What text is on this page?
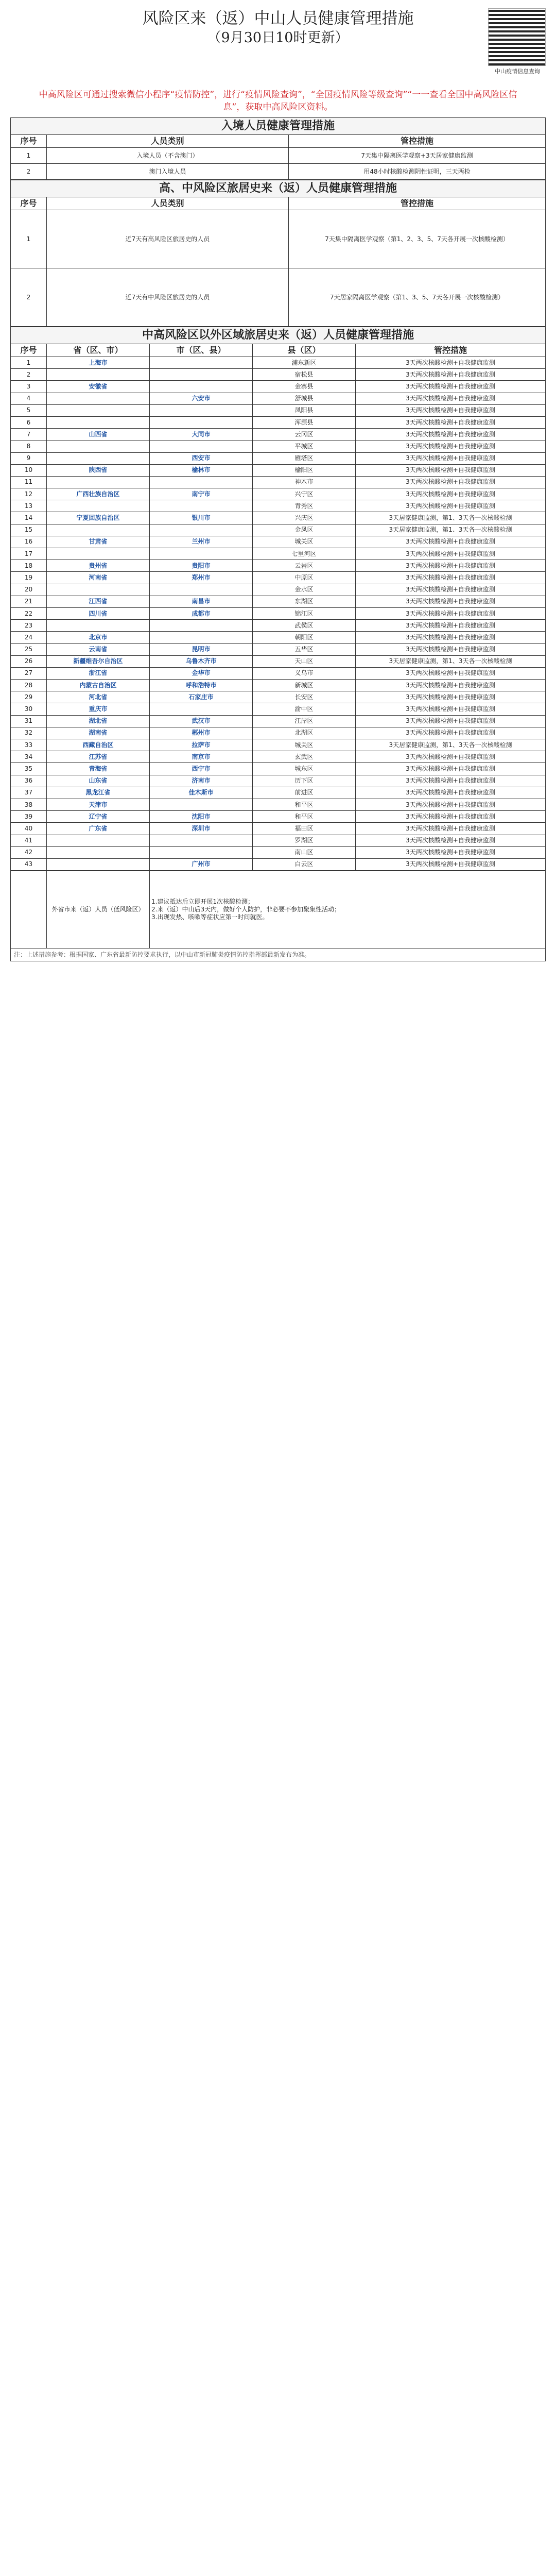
风险区来（返）中山人员健康管理措施
（9月30日10时更新）
中山疫情信息查询
中高风险区可通过搜索微信小程序“疫情防控”，进行“疫情风险查询”，“全国疫情风险等级查询”“一一查看全国中高风险区信息”，获取中高风险区资料。
入境人员健康管理措施		
序号	人员类别	管控措施
1	入境人员（不含澳门）	7天集中隔离医学观察+3天居家健康监测
2	澳门入境人员	用48小时核酸检测阴性证明，三天两检
高、中风险区旅居史来（返）人员健康管理措施		
序号	人员类别	管控措施
1	近7天有高风险区旅居史的人员	7天集中隔离医学观察（第1、2、3、5、7天各开展一次核酸检测）
2	近7天有中风险区旅居史的人员	7天居家隔离医学观察（第1、3、5、7天各开展一次核酸检测）
中高风险区以外区域旅居史来（返）人员健康管理措施				
序号	省（区、市）	市（区、县）	县（区）	管控措施
1	上海市		浦东新区	3天两次核酸检测+自我健康监测
2			宿松县	3天两次核酸检测+自我健康监测
3	安徽省		金寨县	3天两次核酸检测+自我健康监测
4		六安市	舒城县	3天两次核酸检测+自我健康监测
5			凤阳县	3天两次核酸检测+自我健康监测
6			浑源县	3天两次核酸检测+自我健康监测
7	山西省	大同市	云冈区	3天两次核酸检测+自我健康监测
8			平城区	3天两次核酸检测+自我健康监测
9		西安市	雁塔区	3天两次核酸检测+自我健康监测
10	陕西省	榆林市	榆阳区	3天两次核酸检测+自我健康监测
11			神木市	3天两次核酸检测+自我健康监测
12	广西壮族自治区	南宁市	兴宁区	3天两次核酸检测+自我健康监测
13			青秀区	3天两次核酸检测+自我健康监测
14	宁夏回族自治区	银川市	兴庆区	3天居家健康监测，第1、3天各一次核酸检测
15			金凤区	3天居家健康监测，第1、3天各一次核酸检测
16	甘肃省	兰州市	城关区	3天两次核酸检测+自我健康监测
17			七里河区	3天两次核酸检测+自我健康监测
18	贵州省	贵阳市	云岩区	3天两次核酸检测+自我健康监测
19	河南省	郑州市	中原区	3天两次核酸检测+自我健康监测
20			金水区	3天两次核酸检测+自我健康监测
21	江西省	南昌市	东湖区	3天两次核酸检测+自我健康监测
22	四川省	成都市	锦江区	3天两次核酸检测+自我健康监测
23			武侯区	3天两次核酸检测+自我健康监测
24	北京市		朝阳区	3天两次核酸检测+自我健康监测
25	云南省	昆明市	五华区	3天两次核酸检测+自我健康监测
26	新疆维吾尔自治区	乌鲁木齐市	天山区	3天居家健康监测，第1、3天各一次核酸检测
27	浙江省	金华市	义乌市	3天两次核酸检测+自我健康监测
28	内蒙古自治区	呼和浩特市	新城区	3天两次核酸检测+自我健康监测
29	河北省	石家庄市	长安区	3天两次核酸检测+自我健康监测
30	重庆市		渝中区	3天两次核酸检测+自我健康监测
31	湖北省	武汉市	江岸区	3天两次核酸检测+自我健康监测
32	湖南省	郴州市	北湖区	3天两次核酸检测+自我健康监测
33	西藏自治区	拉萨市	城关区	3天居家健康监测，第1、3天各一次核酸检测
34	江苏省	南京市	玄武区	3天两次核酸检测+自我健康监测
35	青海省	西宁市	城东区	3天两次核酸检测+自我健康监测
36	山东省	济南市	历下区	3天两次核酸检测+自我健康监测
37	黑龙江省	佳木斯市	前进区	3天两次核酸检测+自我健康监测
38	天津市		和平区	3天两次核酸检测+自我健康监测
39	辽宁省	沈阳市	和平区	3天两次核酸检测+自我健康监测
40	广东省	深圳市	福田区	3天两次核酸检测+自我健康监测
41			罗湖区	3天两次核酸检测+自我健康监测
42			南山区	3天两次核酸检测+自我健康监测
43		广州市	白云区	3天两次核酸检测+自我健康监测
	外省市来（返）人员（低风险区）	
1.建议抵达后立即开展1次核酸检测；
2.来（返）中山后3天内，做好个人防护，非必要不参加聚集性活动；
3.出现发热、咳嗽等症状应第一时间就医。

注：上述措施参考：根据国家、广东省最新防控要求执行，以中山市新冠肺炎疫情防控指挥部最新发布为准。
